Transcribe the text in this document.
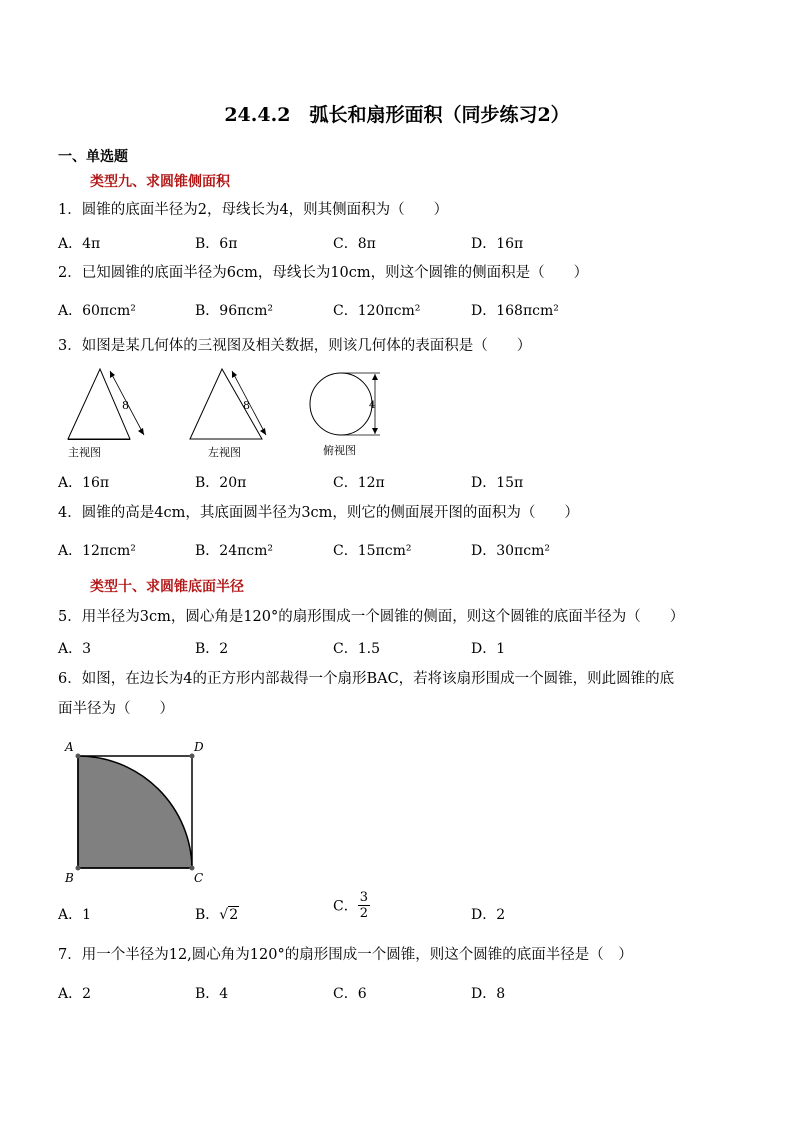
24.4.2　弧长和扇形面积（同步练习2）
一、单选题
类型九、求圆锥侧面积
1．圆锥的底面半径为2，母线长为4，则其侧面积为（　　）
A．4π	B．6π	C．8π	D．16π
2．已知圆锥的底面半径为6cm，母线长为10cm，则这个圆锥的侧面积是（　　）
A．60πcm²	B．96πcm²	C．120πcm²	D．168πcm²
3．如图是某几何体的三视图及相关数据，则该几何体的表面积是（　　）
8
主视图
8
左视图
4
俯视图
A．16π	B．20π	C．12π	D．15π
4．圆锥的高是4cm，其底面圆半径为3cm，则它的侧面展开图的面积为（　　）
A．12πcm²	B．24πcm²	C．15πcm²	D．30πcm²
类型十、求圆锥底面半径
5．用半径为3cm，圆心角是120°的扇形围成一个圆锥的侧面，则这个圆锥的底面半径为（　　）
A．3	B．2	C．1.5	D．1
6．如图，在边长为4的正方形内部裁得一个扇形BAC，若将该扇形围成一个圆锥，则此圆锥的底
面半径为（　　）
A	D
B	C
A．1	B．√2
C． $\frac{3}{2}$	D．2
7．用一个半径为12,圆心角为120°的扇形围成一个圆锥，则这个圆锥的底面半径是（　）
A．2	B．4	C．6	D．8
